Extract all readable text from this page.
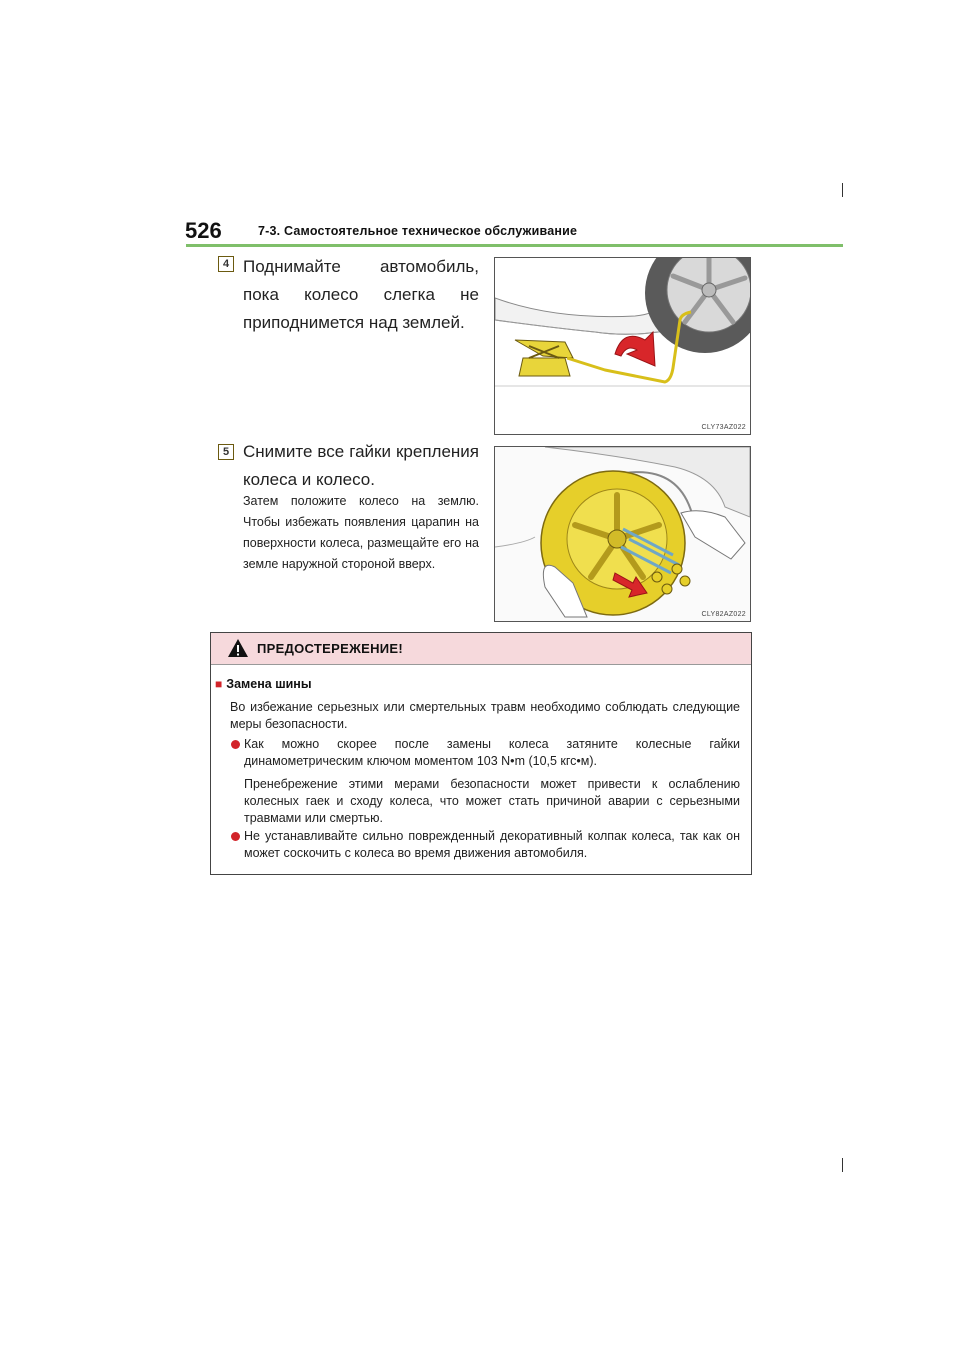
526	7-3. Самостоятельное техническое обслуживание
4 Поднимайте автомобиль, пока колесо слегка не приподнимется над землей.
CLY73AZ022
5 Снимите все гайки крепления колеса и колесо.
Затем положите колесо на землю. Чтобы избежать появления царапин на поверхности колеса, размещайте его на земле наружной стороной вверх.
CLY82AZ022
ПРЕДОСТЕРЕЖЕНИЕ!
■ Замена шины
Во избежание серьезных или смертельных травм необходимо соблюдать следующие меры безопасности.
Как можно скорее после замены колеса затяните колесные гайки динамометрическим ключом моментом 103 N•m (10,5 кгс•м).
Пренебрежение этими мерами безопасности может привести к ослаблению колесных гаек и сходу колеса, что может стать причиной аварии с серьезными травмами или смертью.
Не устанавливайте сильно поврежденный декоративный колпак колеса, так как он может соскочить с колеса во время движения автомобиля.
